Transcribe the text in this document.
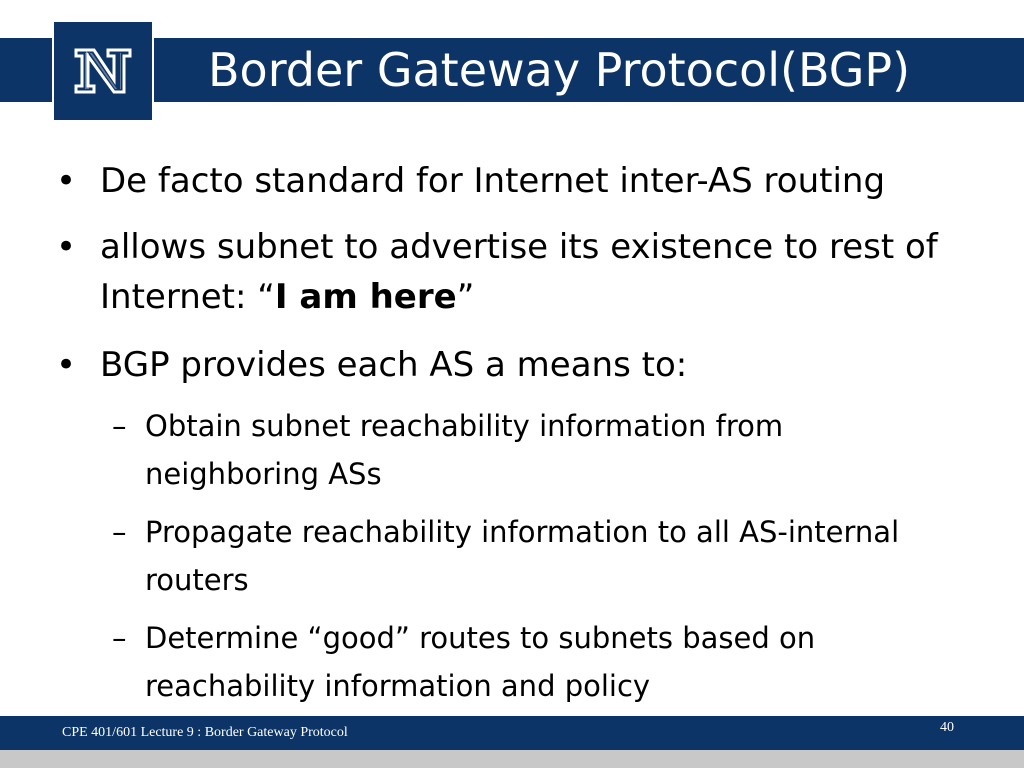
Border Gateway Protocol(BGP)
• De facto standard for Internet inter-AS routing
• allows subnet to advertise its existence to rest of Internet: “I am here”
• BGP provides each AS a means to:
– Obtain subnet reachability information from neighboring ASs
– Propagate reachability information to all AS-internal routers
– Determine “good” routes to subnets based on reachability information and policy
CPE 401/601 Lecture 9 : Border Gateway Protocol	40
